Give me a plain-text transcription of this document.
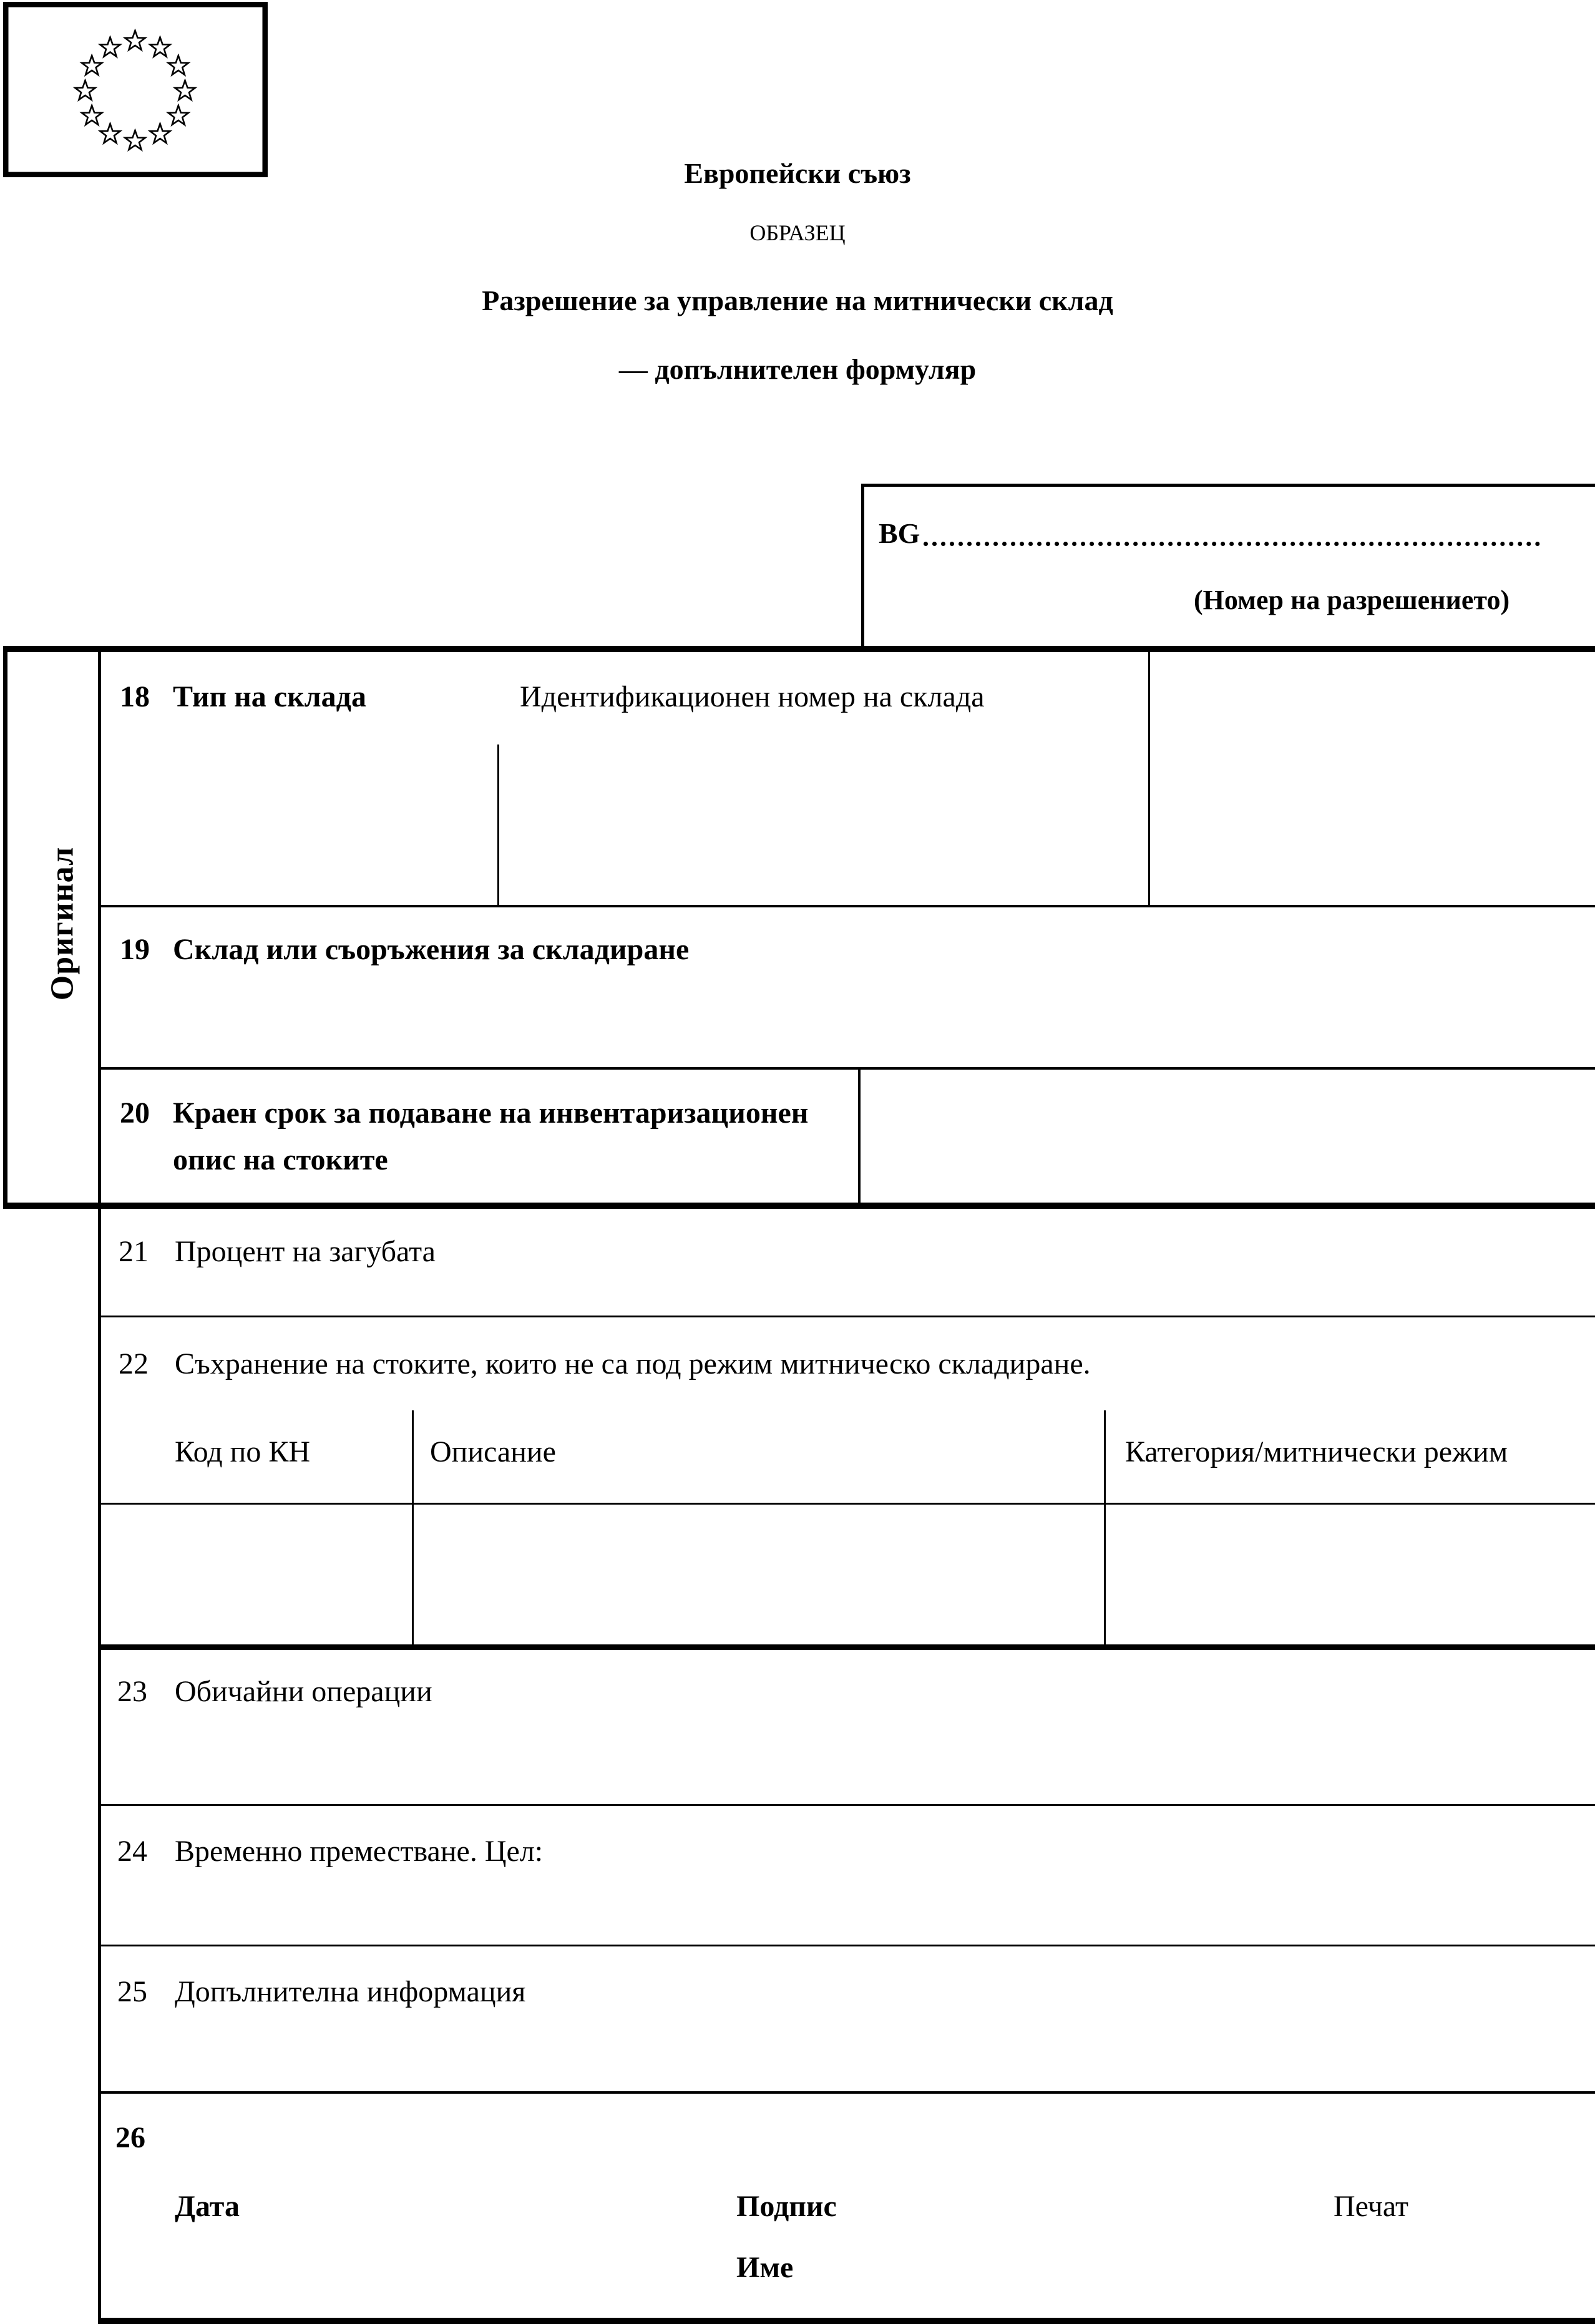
Европейски съюз
ОБРАЗЕЦ
Разрешение за управление на митнически склад
— допълнителен формуляр
BG
(Номер на разрешението)
Оригинал
18 Тип на склада	Идентификационен номер на склада
19 Склад или съоръжения за складиране
20 Краен срок за подаване на инвентаризационен
опис на стоките
21 Процент на загубата
22 Съхранение на стоките, които не са под режим митническо складиране.
Код по КН	Описание	Категория/митнически режим
23 Обичайни операции
24 Временно преместване. Цел:
25 Допълнителна информация
26
Дата	Подпис	Печат
Име
